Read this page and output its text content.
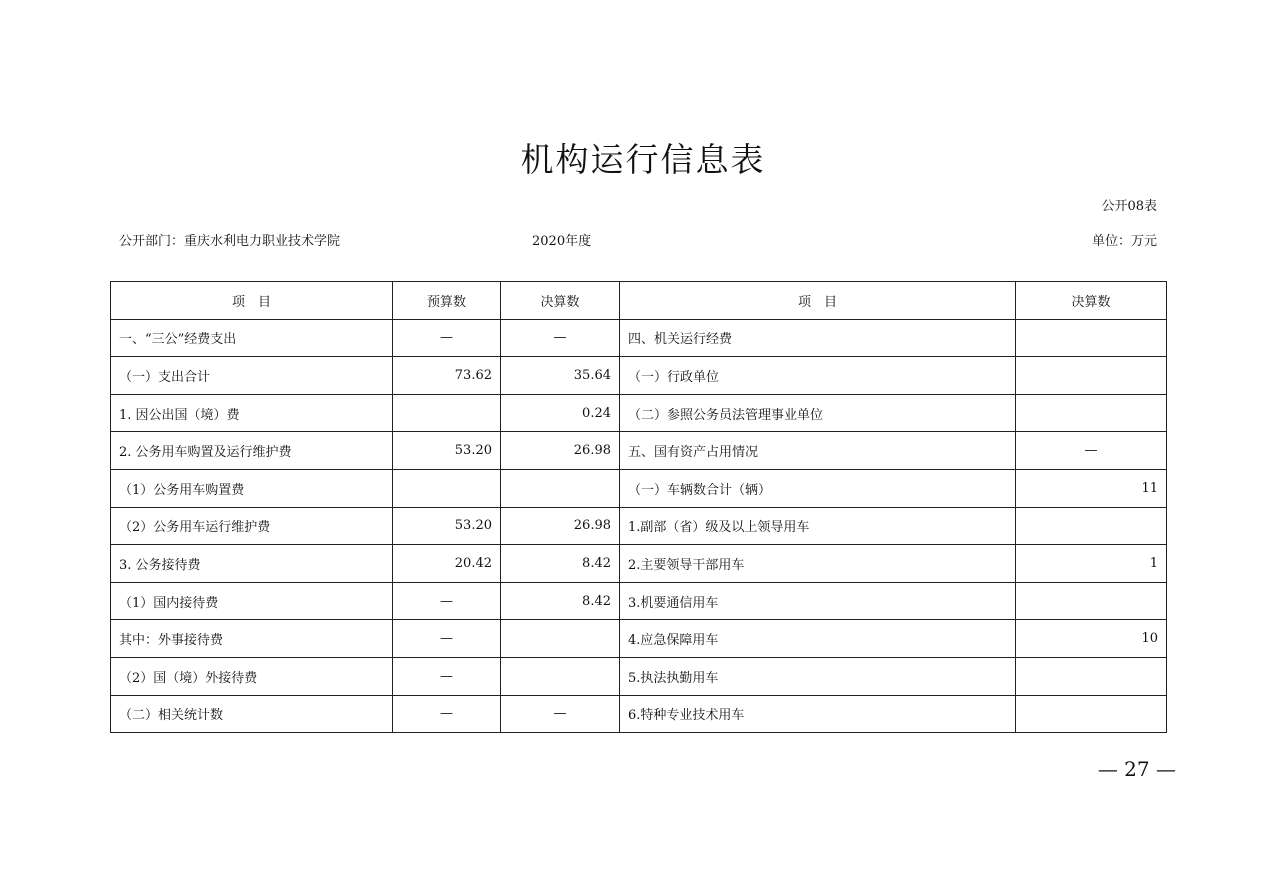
机构运行信息表
公开08表
公开部门：重庆水利电力职业技术学院	2020年度	单位：万元
项　目	预算数	决算数	项　目	决算数
一、“三公”经费支出	—	—	四、机关运行经费	
（一）支出合计	73.62	35.64	（一）行政单位	
1. 因公出国（境）费		0.24	（二）参照公务员法管理事业单位	
2. 公务用车购置及运行维护费	53.20	26.98	五、国有资产占用情况	—
（1）公务用车购置费			（一）车辆数合计（辆）	11
（2）公务用车运行维护费	53.20	26.98	1.副部（省）级及以上领导用车	
3. 公务接待费	20.42	8.42	2.主要领导干部用车	1
（1）国内接待费	—	8.42	3.机要通信用车	
其中：外事接待费	—		4.应急保障用车	10
（2）国（境）外接待费	—		5.执法执勤用车	
（二）相关统计数	—	—	6.特种专业技术用车	
— 27 —
